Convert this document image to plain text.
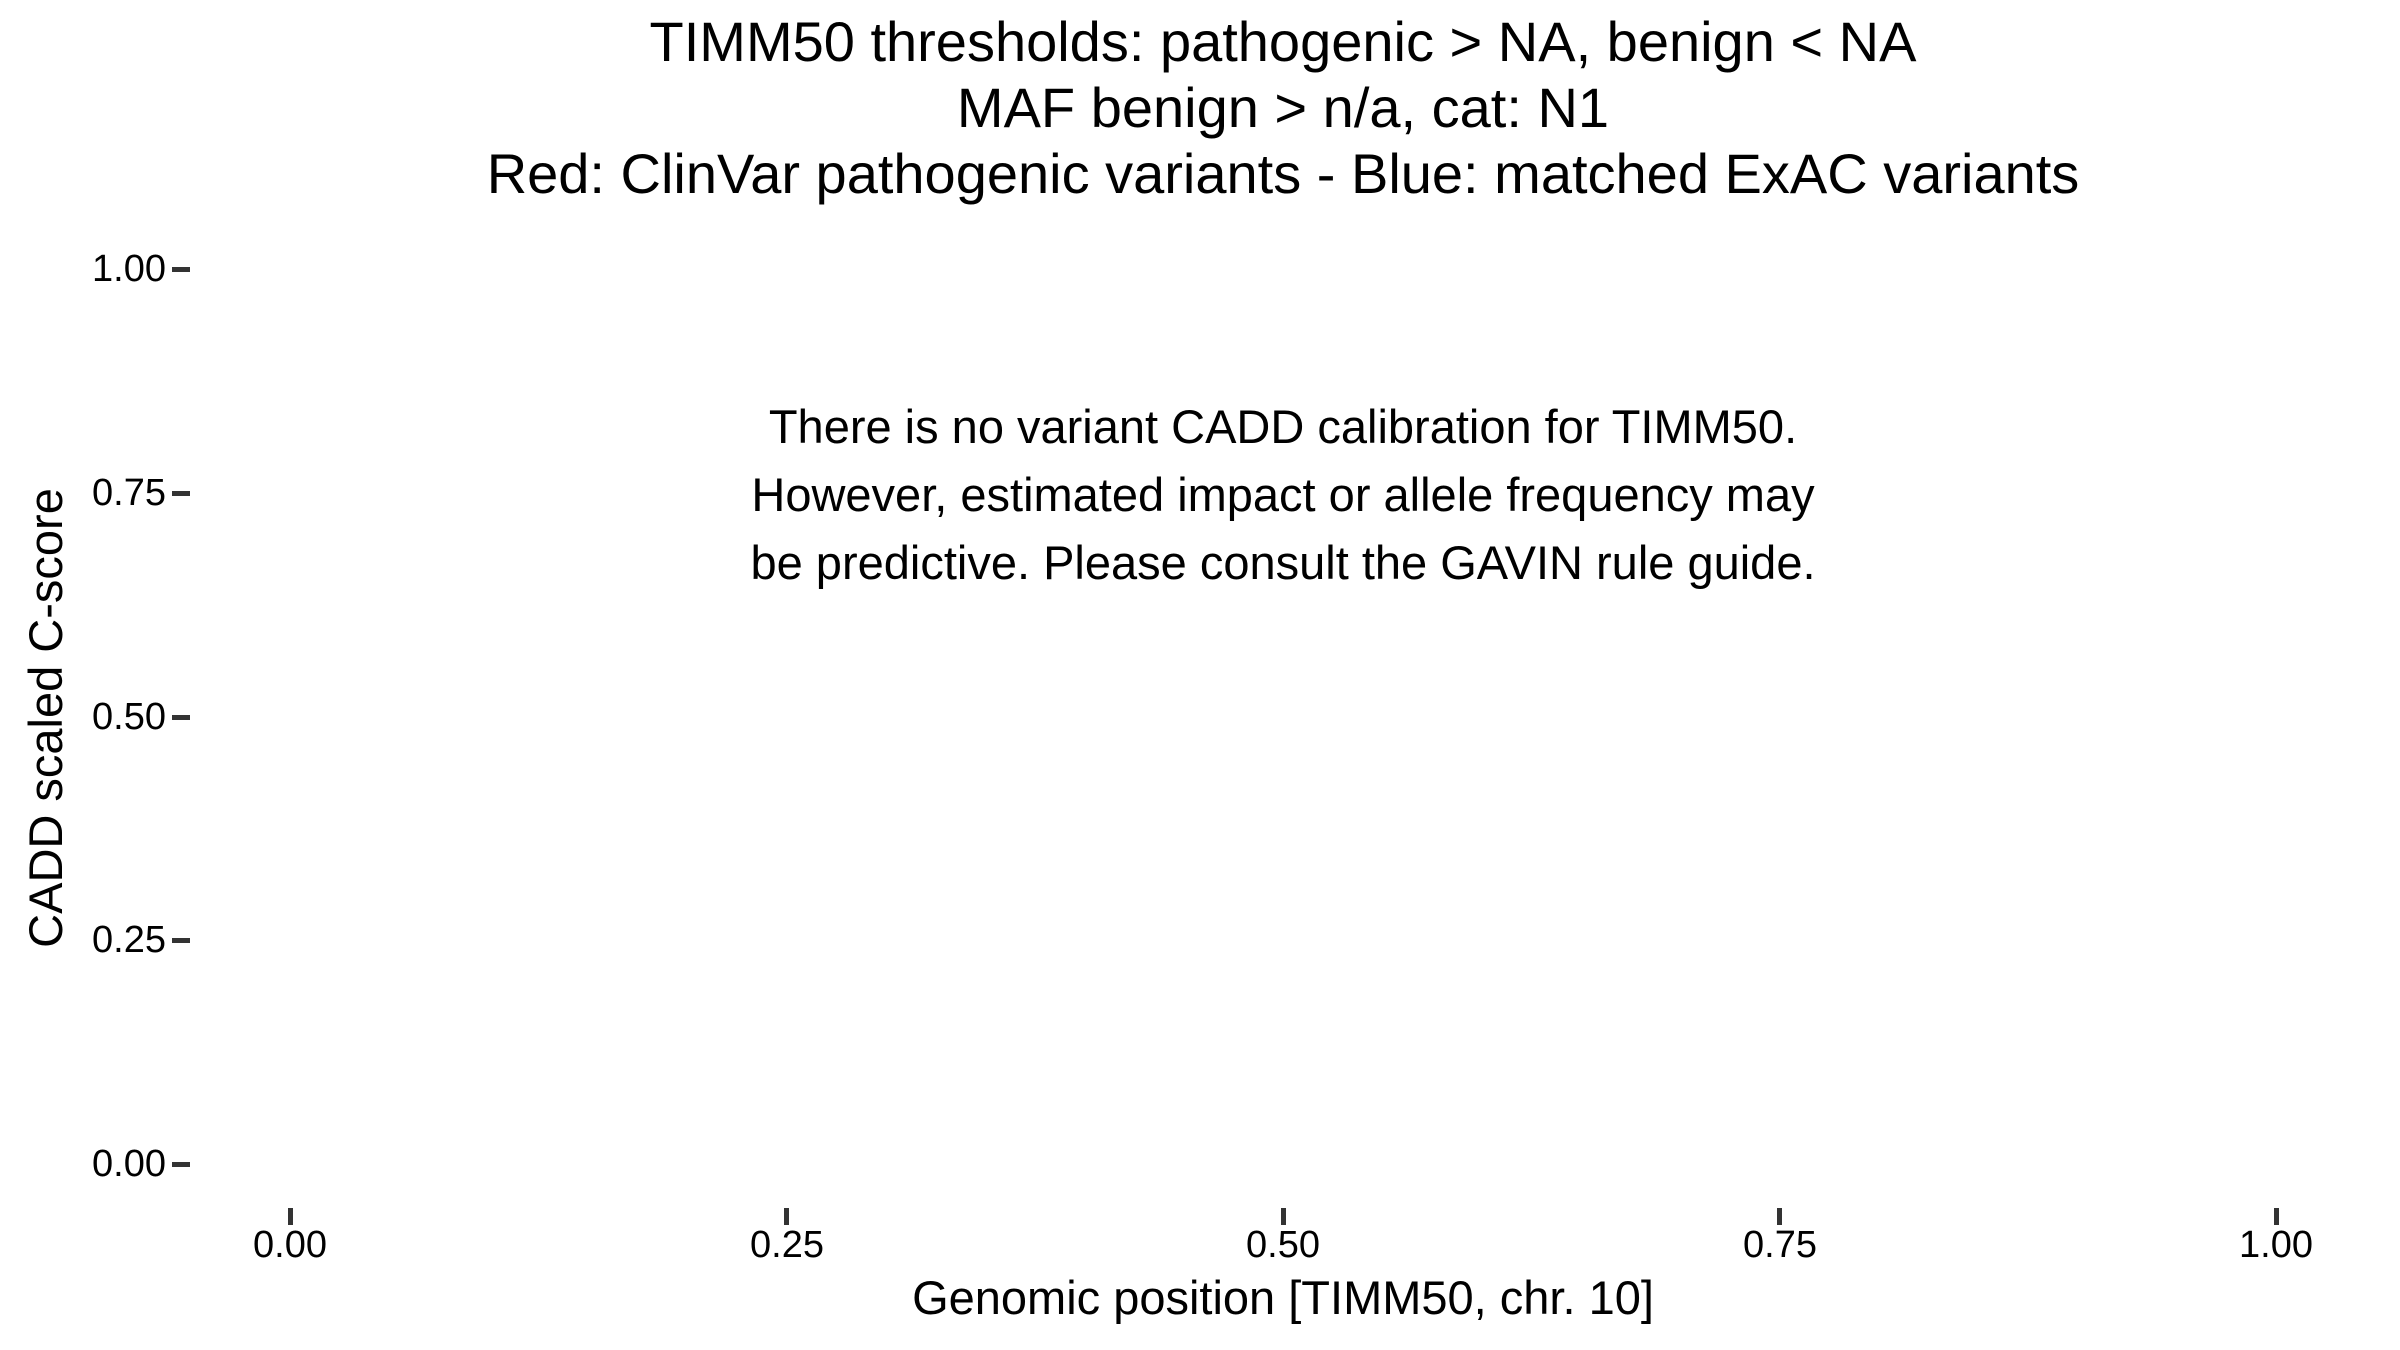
TIMM50 thresholds: pathogenic > NA, benign < NA
MAF benign > n/a, cat: N1
Red: ClinVar pathogenic variants - Blue: matched ExAC variants
CADD scaled C-score
1.00
0.75
0.50
0.25
0.00
There is no variant CADD calibration for TIMM50.
However, estimated impact or allele frequency may
be predictive. Please consult the GAVIN rule guide.
0.00	0.25	0.50	0.75	1.00
Genomic position [TIMM50, chr. 10]
